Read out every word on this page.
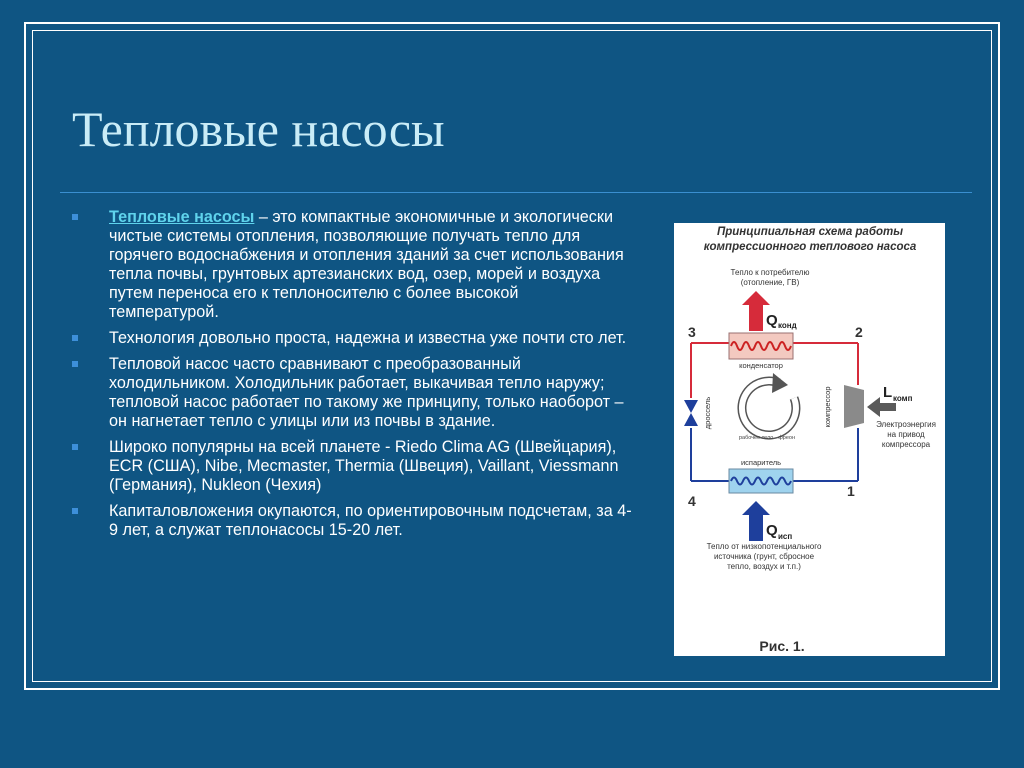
Тепловые насосы
Тепловые насосы – это компактные экономичные и экологически чистые системы отопления, позволяющие получать тепло для горячего водоснабжения и отопления зданий за счет использования тепла почвы, грунтовых артезианских вод, озер, морей и воздуха путем переноса его к теплоносителю с более высокой температурой.
Технология довольно проста, надежна и известна уже почти сто лет.
Тепловой насос часто сравнивают с преобразованный холодильником. Холодильник работает, выкачивая тепло наружу; тепловой насос работает по такому же принципу, только наоборот – он нагнетает тепло с улицы или из почвы в здание.
Широко популярны на всей планете - Riedo Clima AG (Швейцария), ECR (США), Nibe, Mecmaster, Thermia (Швеция), Vaillant, Viessmann (Германия), Nukleon (Чехия)
Капиталовложения окупаются, по ориентировочным подсчетам, за 4-9 лет, а служат теплонасосы 15-20 лет.
Принципиальная схема работы
компрессионного теплового насоса
Тепло к потребителю
(отопление, ГВ)
Q конд
3	2
4
1
конденсатор
испаритель
дроссель	компрессор	L комп
Электроэнергия
на привод
компрессора
рабочее тело - фреон
Q исп
Тепло от низкопотенциального
источника (грунт, сбросное
тепло, воздух и т.п.)
Рис. 1.
